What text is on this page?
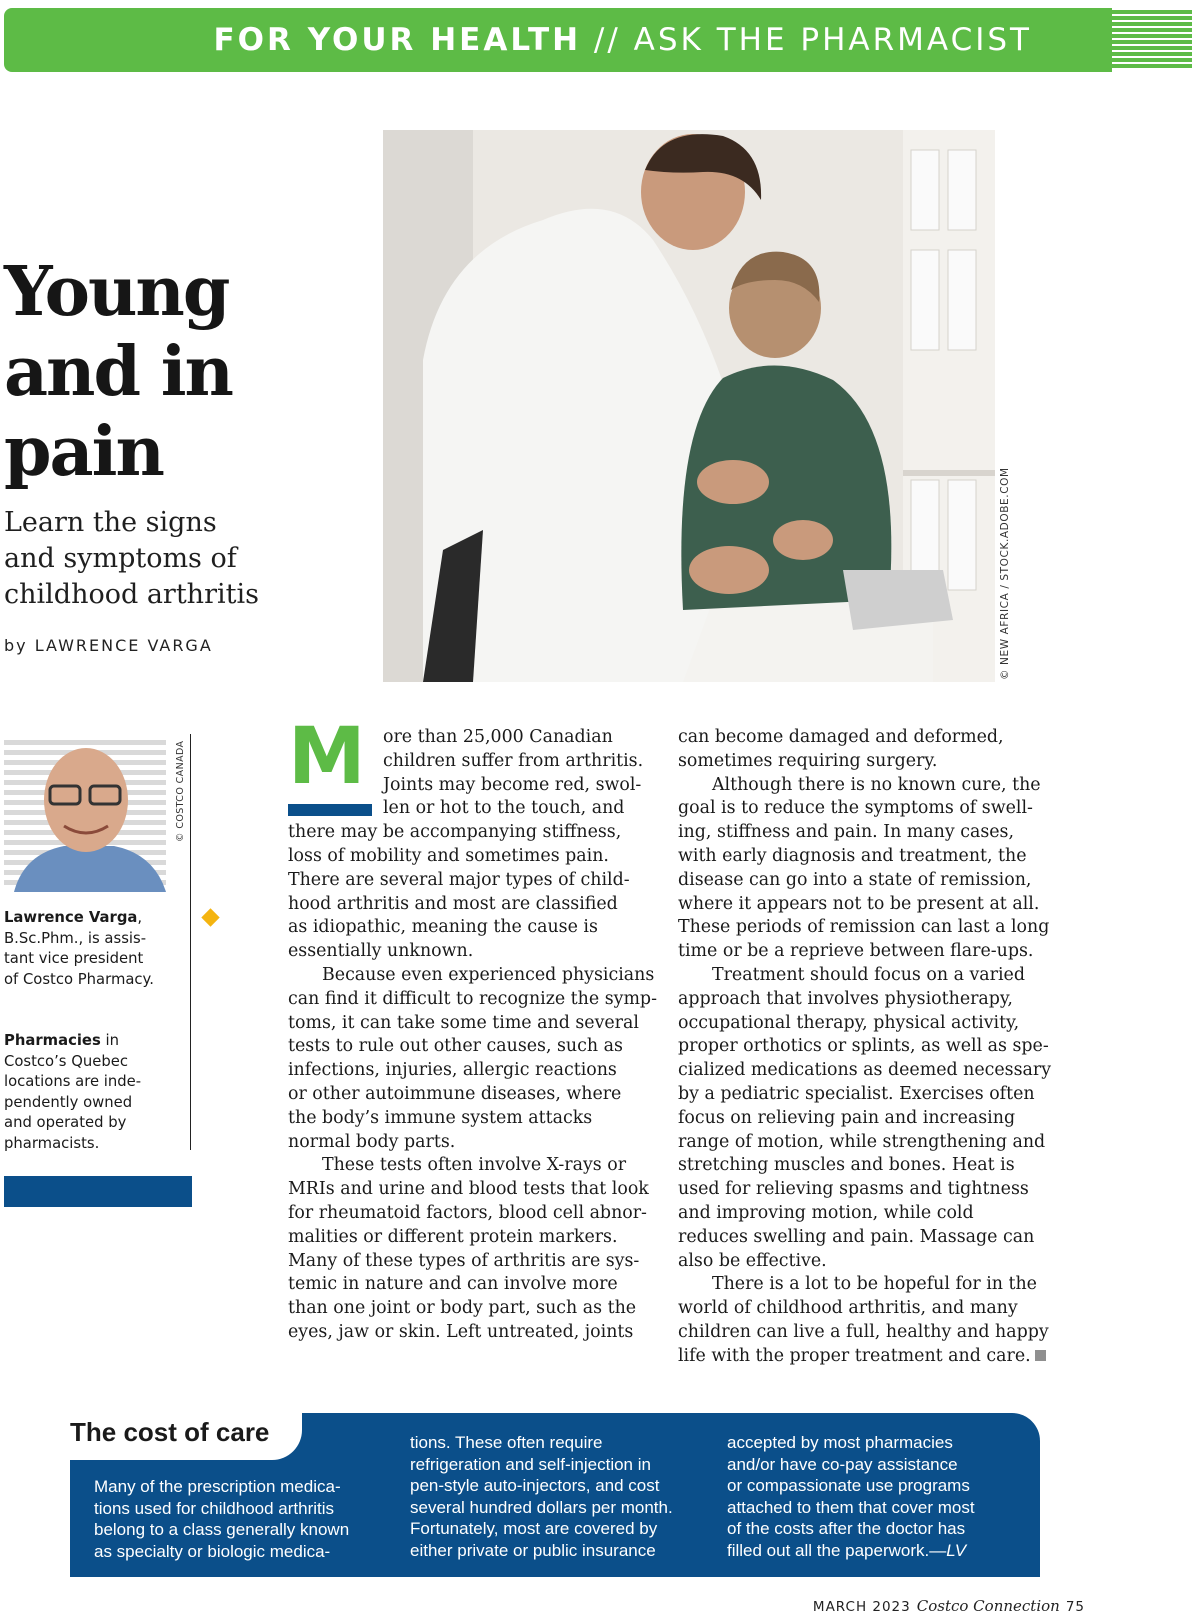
FOR YOUR HEALTH // ASK THE PHARMACIST
Young
and in
pain
Learn the signs
and symptoms of
childhood arthritis
by LAWRENCE VARGA	© NEW AFRICA / STOCK.ADOBE.COM
© COSTCO CANADA
Lawrence Varga,
B.Sc.Phm., is assis-
tant vice president
of Costco Pharmacy.
Pharmacies in
Costco’s Quebec
locations are inde-
pendently owned
and operated by
pharmacists.
M ore than 25,000 Canadian
children suffer from arthritis.
Joints may become red, swol-
len or hot to the touch, and
there may be accompanying stiffness,
loss of mobility and sometimes pain.
There are several major types of child-
hood arthritis and most are classified
as idiopathic, meaning the cause is
essentially unknown.
Because even experienced physicians
can find it difficult to recognize the symp-
toms, it can take some time and several
tests to rule out other causes, such as
infections, injuries, allergic reactions
or other autoimmune diseases, where
the body’s immune system attacks
normal body parts.
These tests often involve X-rays or
MRIs and urine and blood tests that look
for rheumatoid factors, blood cell abnor-
malities or different protein markers.
Many of these types of arthritis are sys-
temic in nature and can involve more
than one joint or body part, such as the
eyes, jaw or skin. Left untreated, joints
can become damaged and deformed,
sometimes requiring surgery.
Although there is no known cure, the
goal is to reduce the symptoms of swell-
ing, stiffness and pain. In many cases,
with early diagnosis and treatment, the
disease can go into a state of remission,
where it appears not to be present at all.
These periods of remission can last a long
time or be a reprieve between flare-ups.
Treatment should focus on a varied
approach that involves physiotherapy,
occupational therapy, physical activity,
proper orthotics or splints, as well as spe-
cialized medications as deemed necessary
by a pediatric specialist. Exercises often
focus on relieving pain and increasing
range of motion, while strengthening and
stretching muscles and bones. Heat is
used for relieving spasms and tightness
and improving motion, while cold
reduces swelling and pain. Massage can
also be effective.
There is a lot to be hopeful for in the
world of childhood arthritis, and many
children can live a full, healthy and happy
life with the proper treatment and care.
The cost of care
Many of the prescription medica-
tions used for childhood arthritis
belong to a class generally known
as specialty or biologic medica-
tions. These often require
refrigeration and self-injection in
pen-style auto-injectors, and cost
several hundred dollars per month.
Fortunately, most are covered by
either private or public insurance
accepted by most pharmacies
and/or have co-pay assistance
or compassionate use programs
attached to them that cover most
of the costs after the doctor has
filled out all the paperwork.—LV
MARCH 2023 Costco Connection 75
